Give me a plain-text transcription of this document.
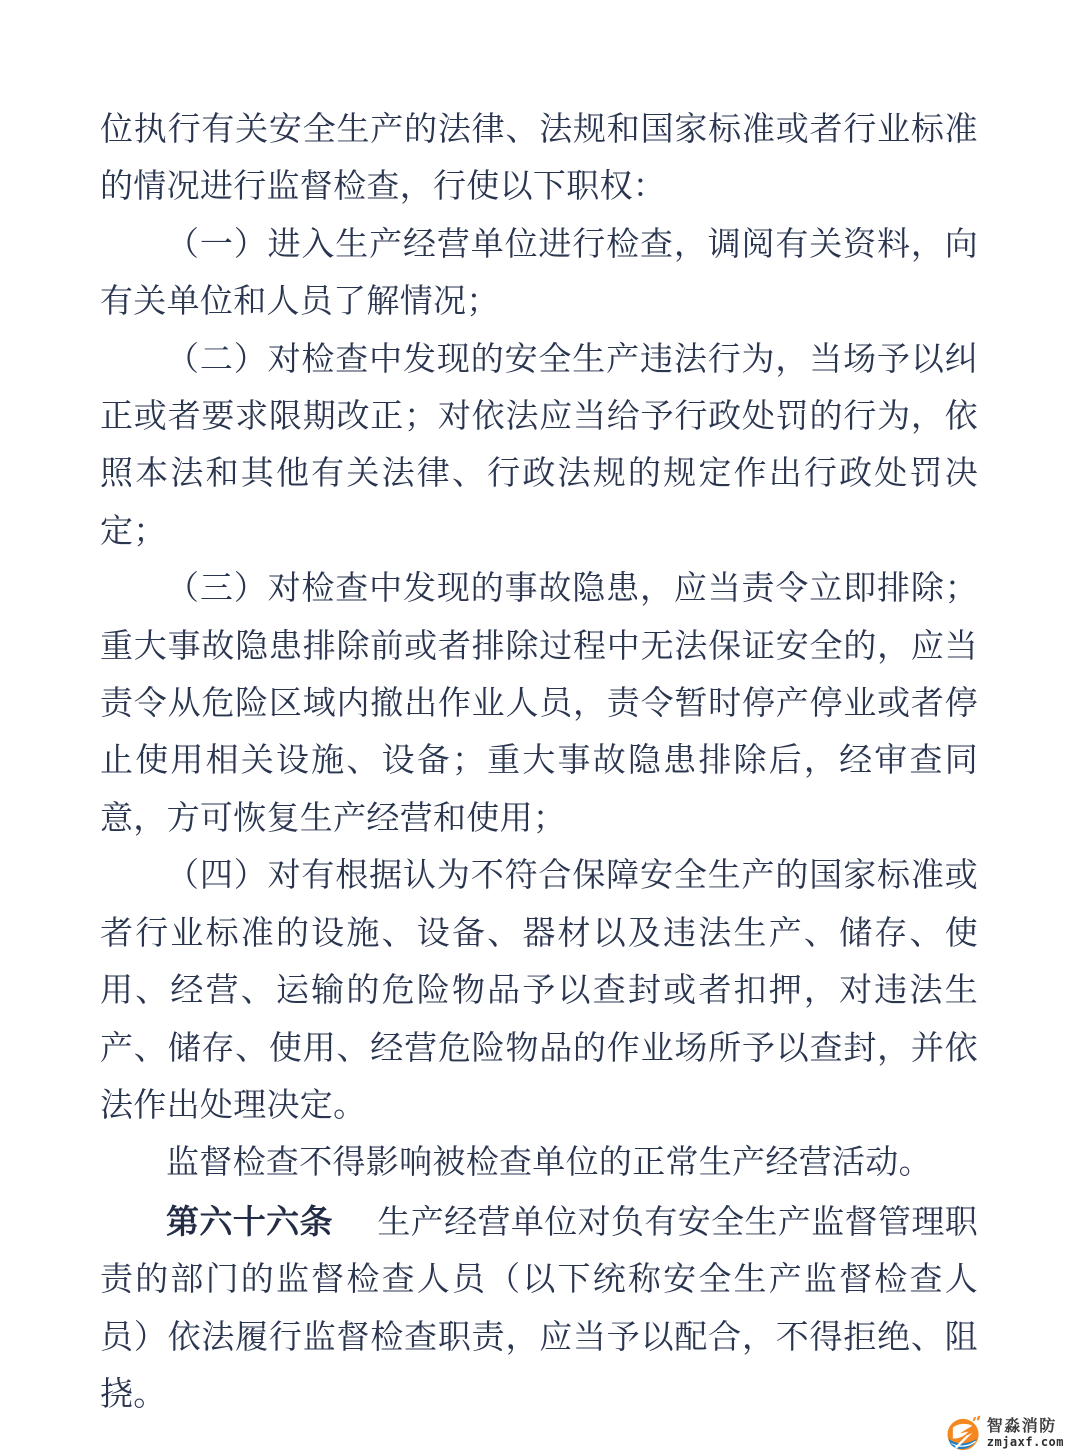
位执行有关安全生产的法律、法规和国家标准或者行业标准的情况进行监督检查，行使以下职权：

（一）进入生产经营单位进行检查，调阅有关资料，向有关单位和人员了解情况；

（二）对检查中发现的安全生产违法行为，当场予以纠正或者要求限期改正；对依法应当给予行政处罚的行为，依照本法和其他有关法律、行政法规的规定作出行政处罚决定；

（三）对检查中发现的事故隐患，应当责令立即排除；重大事故隐患排除前或者排除过程中无法保证安全的，应当责令从危险区域内撤出作业人员，责令暂时停产停业或者停止使用相关设施、设备；重大事故隐患排除后，经审查同意，方可恢复生产经营和使用；

（四）对有根据认为不符合保障安全生产的国家标准或者行业标准的设施、设备、器材以及违法生产、储存、使用、经营、运输的危险物品予以查封或者扣押，对违法生产、储存、使用、经营危险物品的作业场所予以查封，并依法作出处理决定。

监督检查不得影响被检查单位的正常生产经营活动。

第六十六条 生产经营单位对负有安全生产监督管理职责的部门的监督检查人员（以下统称安全生产监督检查人员）依法履行监督检查职责，应当予以配合，不得拒绝、阻挠。

智淼消防
zmjaxf.com
